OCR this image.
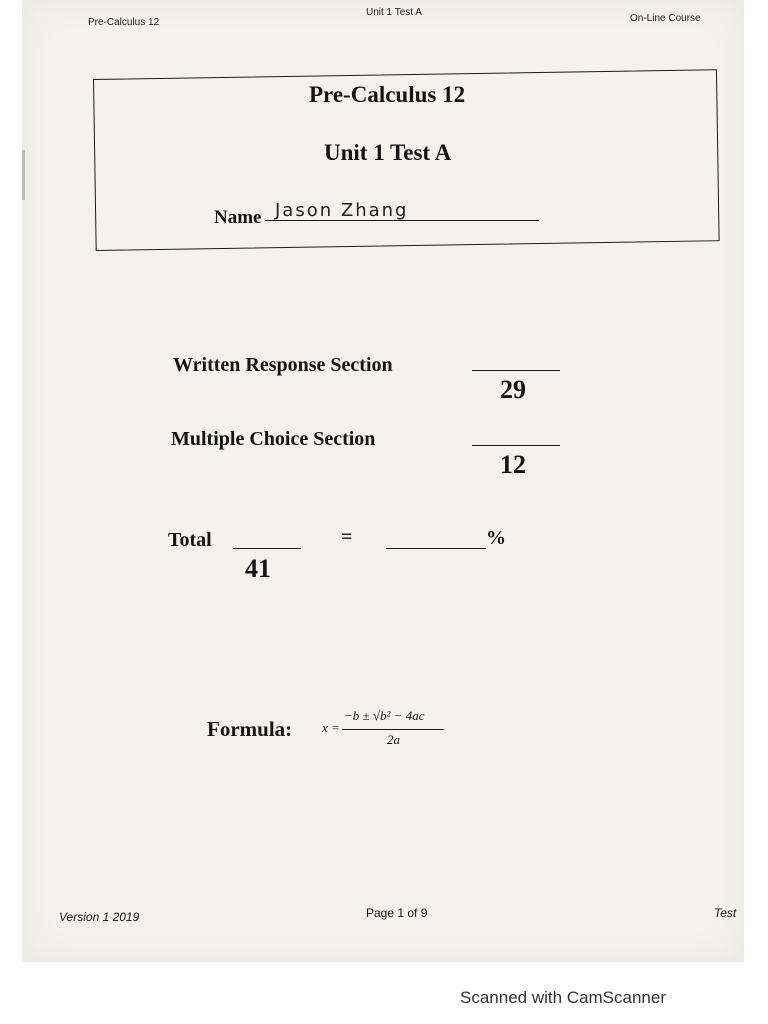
Pre-Calculus 12
Unit 1 Test A
On-Line Course
Pre-Calculus 12
Unit 1 Test A
Name Jason Zhang
Written Response Section
29
Multiple Choice Section
12
Total
41
=	%
Formula: x =
−b ± √b² − 4ac
2a
Version 1 2019	Page 1 of 9	Test
Scanned with CamScanner
